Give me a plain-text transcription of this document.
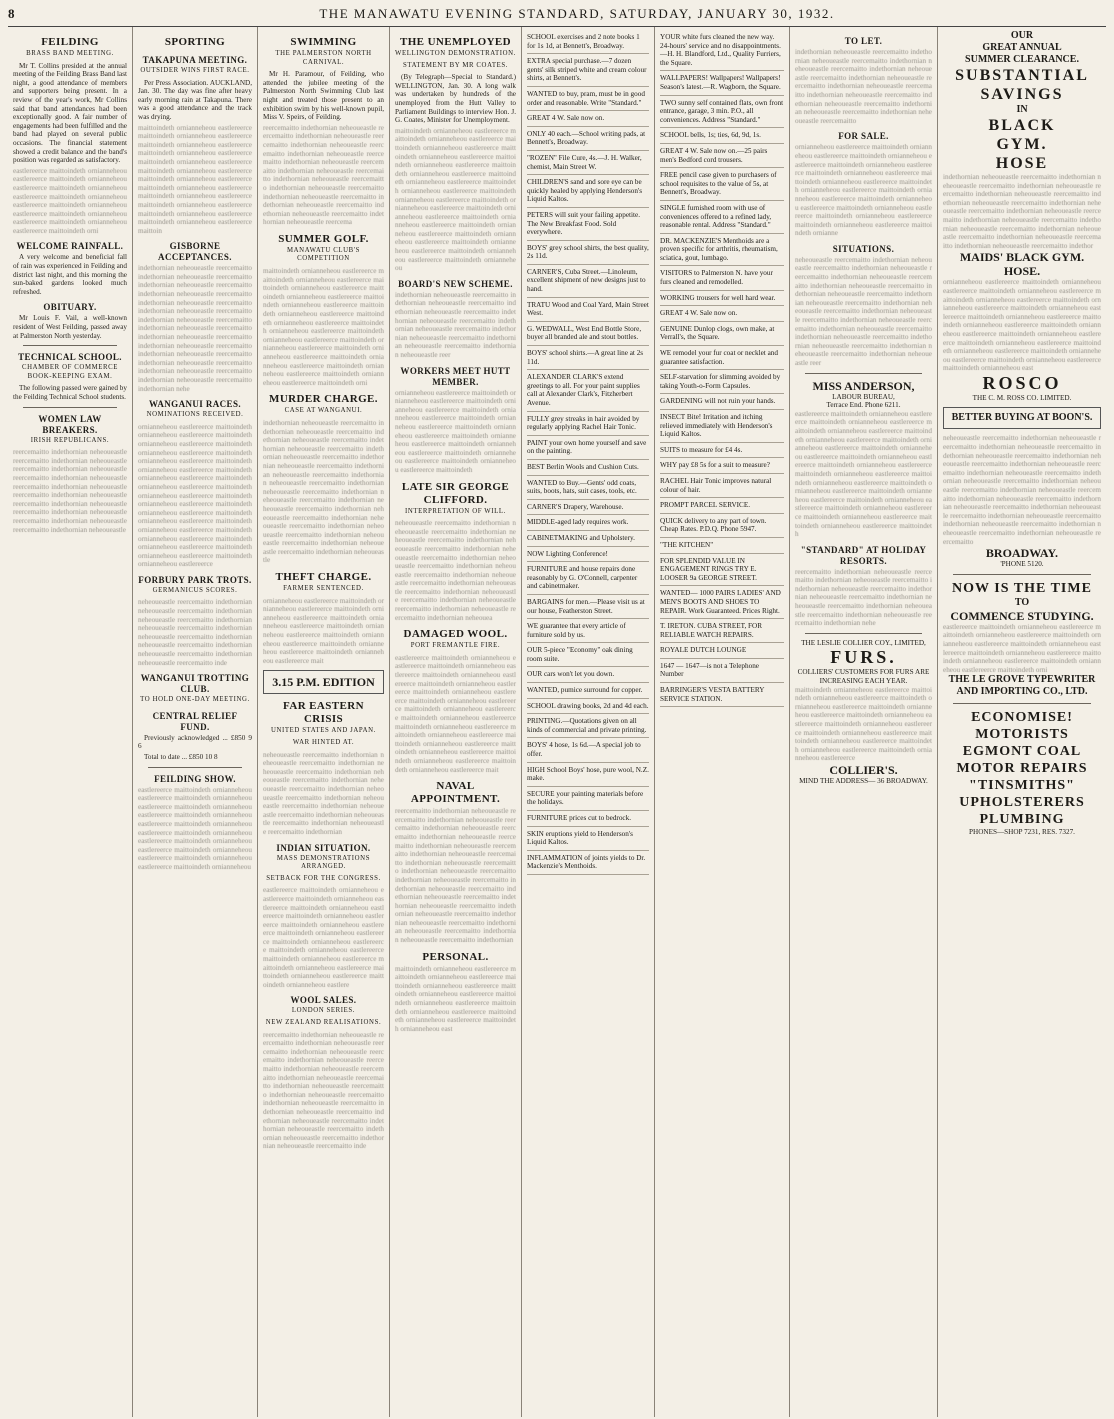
8	THE MANAWATU EVENING STANDARD, SATURDAY, JANUARY 30, 1932.
FEILDING
BRASS BAND MEETING.
Mr T. Collins presided at the annual meeting of the Feilding Brass Band last night, a good attendance of members and supporters being present. In a review of the year's work, Mr Collins said that band attendances had been exceptionally good. A fair number of engagements had been fulfilled and the band had played on several public occasions. The financial statement showed a credit balance and the band's position was regarded as satisfactory.
eastlereerce maittoindeth ornianneheou eastlereerce maittoindeth ornianneheou eastlereerce maittoindeth ornianneheou eastlereerce maittoindeth ornianneheou eastlereerce maittoindeth ornianneheou eastlereerce maittoindeth ornianneheou eastlereerce maittoindeth ornianneheou eastlereerce maittoindeth orni
WELCOME RAINFALL.
A very welcome and beneficial fall of rain was experienced in Feilding and district last night, and this morning the sun-baked gardens looked much refreshed.
OBITUARY.
Mr Louis F. Vail, a well-known resident of West Feilding, passed away at Palmerston North yesterday.
TECHNICAL SCHOOL.
CHAMBER OF COMMERCE BOOK-KEEPING EXAM.
The following passed were gained by the Feilding Technical School students.
WOMEN LAW BREAKERS.
IRISH REPUBLICANS.
reercemaitto indethornian neheoueastle reercemaitto indethornian neheoueastle reercemaitto indethornian neheoueastle reercemaitto indethornian neheoueastle reercemaitto indethornian neheoueastle reercemaitto indethornian neheoueastle reercemaitto indethornian neheoueastle reercemaitto indethornian neheoueastle reercemaitto indethornian neheoueastle reercemaitto indethornian neheoueastle
SPORTING
TAKAPUNA MEETING.
OUTSIDER WINS FIRST RACE.
Per Press Association. AUCKLAND, Jan. 30. The day was fine after heavy early morning rain at Takapuna. There was a good attendance and the track was drying.
maittoindeth ornianneheou eastlereerce maittoindeth ornianneheou eastlereerce maittoindeth ornianneheou eastlereerce maittoindeth ornianneheou eastlereerce maittoindeth ornianneheou eastlereerce maittoindeth ornianneheou eastlereerce maittoindeth ornianneheou eastlereerce maittoindeth ornianneheou eastlereerce maittoindeth ornianneheou eastlereerce maittoindeth ornianneheou eastlereerce maittoindeth ornianneheou eastlereerce maittoindeth ornianneheou eastlereerce maittoin
GISBORNE ACCEPTANCES.
indethornian neheoueastle reercemaitto indethornian neheoueastle reercemaitto indethornian neheoueastle reercemaitto indethornian neheoueastle reercemaitto indethornian neheoueastle reercemaitto indethornian neheoueastle reercemaitto indethornian neheoueastle reercemaitto indethornian neheoueastle reercemaitto indethornian neheoueastle reercemaitto indethornian neheoueastle reercemaitto indethornian neheoueastle reercemaitto indethornian neheoueastle reercemaitto indethornian neheoueastle reercemaitto indethornian neheoueastle reercemaitto indethornian nehe
WANGANUI RACES.
NOMINATIONS RECEIVED.
ornianneheou eastlereerce maittoindeth ornianneheou eastlereerce maittoindeth ornianneheou eastlereerce maittoindeth ornianneheou eastlereerce maittoindeth ornianneheou eastlereerce maittoindeth ornianneheou eastlereerce maittoindeth ornianneheou eastlereerce maittoindeth ornianneheou eastlereerce maittoindeth ornianneheou eastlereerce maittoindeth ornianneheou eastlereerce maittoindeth ornianneheou eastlereerce maittoindeth ornianneheou eastlereerce maittoindeth ornianneheou eastlereerce maittoindeth ornianneheou eastlereerce maittoindeth ornianneheou eastlereerce maittoindeth ornianneheou eastlereerce maittoindeth ornianneheou eastlereerce
FORBURY PARK TROTS.
GERMANICUS SCORES.
neheoueastle reercemaitto indethornian neheoueastle reercemaitto indethornian neheoueastle reercemaitto indethornian neheoueastle reercemaitto indethornian neheoueastle reercemaitto indethornian neheoueastle reercemaitto indethornian neheoueastle reercemaitto indethornian neheoueastle reercemaitto inde
WANGANUI TROTTING CLUB.
TO HOLD ONE-DAY MEETING.
CENTRAL RELIEF FUND.
Previously acknowledged ... £850 9 6
Total to date ... £850 10 8
FEILDING SHOW.
eastlereerce maittoindeth ornianneheou eastlereerce maittoindeth ornianneheou eastlereerce maittoindeth ornianneheou eastlereerce maittoindeth ornianneheou eastlereerce maittoindeth ornianneheou eastlereerce maittoindeth ornianneheou eastlereerce maittoindeth ornianneheou eastlereerce maittoindeth ornianneheou eastlereerce maittoindeth ornianneheou eastlereerce maittoindeth ornianneheou
SWIMMING
THE PALMERSTON NORTH CARNIVAL.
Mr H. Paramour, of Feilding, who attended the jubilee meeting of the Palmerston North Swimming Club last night and treated those present to an exhibition swim by his well-known pupil, Miss V. Speirs, of Feilding.
reercemaitto indethornian neheoueastle reercemaitto indethornian neheoueastle reercemaitto indethornian neheoueastle reercemaitto indethornian neheoueastle reercemaitto indethornian neheoueastle reercemaitto indethornian neheoueastle reercemaitto indethornian neheoueastle reercemaitto indethornian neheoueastle reercemaitto indethornian neheoueastle reercemaitto indethornian neheoueastle reercemaitto indethornian neheoueastle reercemaitto indethornian neheoueastle reercema
SUMMER GOLF.
MANAWATU CLUB'S COMPETITION
maittoindeth ornianneheou eastlereerce maittoindeth ornianneheou eastlereerce maittoindeth ornianneheou eastlereerce maittoindeth ornianneheou eastlereerce maittoindeth ornianneheou eastlereerce maittoindeth ornianneheou eastlereerce maittoindeth ornianneheou eastlereerce maittoindeth ornianneheou eastlereerce maittoindeth ornianneheou eastlereerce maittoindeth ornianneheou eastlereerce maittoindeth ornianneheou eastlereerce maittoindeth ornianneheou eastlereerce maittoindeth ornianneheou eastlereerce maittoindeth ornianneheou eastlereerce maittoindeth orni
MURDER CHARGE.
CASE AT WANGANUI.
indethornian neheoueastle reercemaitto indethornian neheoueastle reercemaitto indethornian neheoueastle reercemaitto indethornian neheoueastle reercemaitto indethornian neheoueastle reercemaitto indethornian neheoueastle reercemaitto indethornian neheoueastle reercemaitto indethornian neheoueastle reercemaitto indethornian neheoueastle reercemaitto indethornian neheoueastle reercemaitto indethornian neheoueastle reercemaitto indethornian neheoueastle reercemaitto indethornian neheoueastle reercemaitto indethornian neheoueastle reercemaitto indethornian neheoueastle reercemaitto indethornian neheoueastle reercemaitto indethornian neheoueastle
THEFT CHARGE.
FARMER SENTENCED.
ornianneheou eastlereerce maittoindeth ornianneheou eastlereerce maittoindeth ornianneheou eastlereerce maittoindeth ornianneheou eastlereerce maittoindeth ornianneheou eastlereerce maittoindeth ornianneheou eastlereerce maittoindeth ornianneheou eastlereerce maittoindeth ornianneheou eastlereerce mait
3.15 P.M. EDITION
FAR EASTERN CRISIS
UNITED STATES AND JAPAN.
WAR HINTED AT.
neheoueastle reercemaitto indethornian neheoueastle reercemaitto indethornian neheoueastle reercemaitto indethornian neheoueastle reercemaitto indethornian neheoueastle reercemaitto indethornian neheoueastle reercemaitto indethornian neheoueastle reercemaitto indethornian neheoueastle reercemaitto indethornian neheoueastle reercemaitto indethornian neheoueastle reercemaitto indethornian
INDIAN SITUATION.
MASS DEMONSTRATIONS ARRANGED.
SETBACK FOR THE CONGRESS.
eastlereerce maittoindeth ornianneheou eastlereerce maittoindeth ornianneheou eastlereerce maittoindeth ornianneheou eastlereerce maittoindeth ornianneheou eastlereerce maittoindeth ornianneheou eastlereerce maittoindeth ornianneheou eastlereerce maittoindeth ornianneheou eastlereerce maittoindeth ornianneheou eastlereerce maittoindeth ornianneheou eastlereerce maittoindeth ornianneheou eastlereerce maittoindeth ornianneheou eastlereerce maittoindeth ornianneheou eastlere
WOOL SALES.
LONDON SERIES.
NEW ZEALAND REALISATIONS.
reercemaitto indethornian neheoueastle reercemaitto indethornian neheoueastle reercemaitto indethornian neheoueastle reercemaitto indethornian neheoueastle reercemaitto indethornian neheoueastle reercemaitto indethornian neheoueastle reercemaitto indethornian neheoueastle reercemaitto indethornian neheoueastle reercemaitto indethornian neheoueastle reercemaitto indethornian neheoueastle reercemaitto indethornian neheoueastle reercemaitto indethornian neheoueastle reercemaitto indethornian neheoueastle reercemaitto indethornian neheoueastle reercemaitto inde
THE UNEMPLOYED
WELLINGTON DEMONSTRATION.
STATEMENT BY MR COATES.
(By Telegraph—Special to Standard.) WELLINGTON, Jan. 30. A long walk was undertaken by hundreds of the unemployed from the Hutt Valley to Parliament Buildings to interview Hon. J. G. Coates, Minister for Unemployment.
maittoindeth ornianneheou eastlereerce maittoindeth ornianneheou eastlereerce maittoindeth ornianneheou eastlereerce maittoindeth ornianneheou eastlereerce maittoindeth ornianneheou eastlereerce maittoindeth ornianneheou eastlereerce maittoindeth ornianneheou eastlereerce maittoindeth ornianneheou eastlereerce maittoindeth ornianneheou eastlereerce maittoindeth ornianneheou eastlereerce maittoindeth ornianneheou eastlereerce maittoindeth ornianneheou eastlereerce maittoindeth ornianneheou eastlereerce maittoindeth ornianneheou eastlereerce maittoindeth ornianneheou eastlereerce maittoindeth ornianneheou eastlereerce maittoindeth ornianneheou
BOARD'S NEW SCHEME.
indethornian neheoueastle reercemaitto indethornian neheoueastle reercemaitto indethornian neheoueastle reercemaitto indethornian neheoueastle reercemaitto indethornian neheoueastle reercemaitto indethornian neheoueastle reercemaitto indethornian neheoueastle reercemaitto indethornian neheoueastle reer
WORKERS MEET HUTT MEMBER.
ornianneheou eastlereerce maittoindeth ornianneheou eastlereerce maittoindeth ornianneheou eastlereerce maittoindeth ornianneheou eastlereerce maittoindeth ornianneheou eastlereerce maittoindeth ornianneheou eastlereerce maittoindeth ornianneheou eastlereerce maittoindeth ornianneheou eastlereerce maittoindeth ornianneheou eastlereerce maittoindeth ornianneheou eastlereerce maittoindeth
LATE SIR GEORGE CLIFFORD.
INTERPRETATION OF WILL.
neheoueastle reercemaitto indethornian neheoueastle reercemaitto indethornian neheoueastle reercemaitto indethornian neheoueastle reercemaitto indethornian neheoueastle reercemaitto indethornian neheoueastle reercemaitto indethornian neheoueastle reercemaitto indethornian neheoueastle reercemaitto indethornian neheoueastle reercemaitto indethornian neheoueastle reercemaitto indethornian neheoueastle reercemaitto indethornian neheoueastle reercemaitto indethornian neheouea
DAMAGED WOOL.
PORT FREMANTLE FIRE.
eastlereerce maittoindeth ornianneheou eastlereerce maittoindeth ornianneheou eastlereerce maittoindeth ornianneheou eastlereerce maittoindeth ornianneheou eastlereerce maittoindeth ornianneheou eastlereerce maittoindeth ornianneheou eastlereerce maittoindeth ornianneheou eastlereerce maittoindeth ornianneheou eastlereerce maittoindeth ornianneheou eastlereerce maittoindeth ornianneheou eastlereerce maittoindeth ornianneheou eastlereerce maittoindeth ornianneheou eastlereerce maittoindeth ornianneheou eastlereerce maittoindeth ornianneheou eastlereerce mait
NAVAL APPOINTMENT.
reercemaitto indethornian neheoueastle reercemaitto indethornian neheoueastle reercemaitto indethornian neheoueastle reercemaitto indethornian neheoueastle reercemaitto indethornian neheoueastle reercemaitto indethornian neheoueastle reercemaitto indethornian neheoueastle reercemaitto indethornian neheoueastle reercemaitto indethornian neheoueastle reercemaitto indethornian neheoueastle reercemaitto indethornian neheoueastle reercemaitto indethornian neheoueastle reercemaitto indethornian neheoueastle reercemaitto indethornian neheoueastle reercemaitto indethornian neheoueastle reercemaitto indethornian neheoueastle reercemaitto indethornian
PERSONAL.
maittoindeth ornianneheou eastlereerce maittoindeth ornianneheou eastlereerce maittoindeth ornianneheou eastlereerce maittoindeth ornianneheou eastlereerce maittoindeth ornianneheou eastlereerce maittoindeth ornianneheou eastlereerce maittoindeth ornianneheou eastlereerce maittoindeth ornianneheou east
SCHOOL exercises and 2 note books 1 for 1s 1d, at Bennett's, Broadway.
EXTRA special purchase.—7 dozen gents' silk striped white and cream colour shirts, at Bennett's.
WANTED to buy, pram, must be in good order and reasonable. Write "Standard."
GREAT 4 W. Sale now on.
ONLY 40 each.—School writing pads, at Bennett's, Broadway.
"ROZEN" File Cure, 4s.—J. H. Walker, chemist, Main Street W.
CHILDREN'S sand and sore eye can be quickly healed by applying Henderson's Liquid Kaltos.
PETERS will suit your failing appetite. The New Breakfast Food. Sold everywhere.
BOYS' grey school shirts, the best quality, 2s 11d.
CARNER'S, Cuba Street.—Linoleum, excellent shipment of new designs just to hand.
TRATU Wood and Coal Yard, Main Street West.
G. WEDWALL, West End Bottle Store, buyer all branded ale and stout bottles.
BOYS' school shirts.—A great line at 2s 11d.
ALEXANDER CLARK'S extend greetings to all. For your paint supplies call at Alexander Clark's, Fitzherbert Avenue.
FULLY grey streaks in hair avoided by regularly applying Rachel Hair Tonic.
PAINT your own home yourself and save on the painting.
BEST Berlin Wools and Cushion Cuts.
WANTED to Buy.—Gents' odd coats, suits, boots, hats, suit cases, tools, etc.
CARNER'S Drapery, Warehouse.
MIDDLE-aged lady requires work.
CABINETMAKING and Upholstery.
NOW Lighting Conference!
FURNITURE and house repairs done reasonably by G. O'Connell, carpenter and cabinetmaker.
BARGAINS for men.—Please visit us at our house, Featherston Street.
WE guarantee that every article of furniture sold by us.
OUR 5-piece "Economy" oak dining room suite.
OUR cars won't let you down.
WANTED, pumice surround for copper.
SCHOOL drawing books, 2d and 4d each.
PRINTING.—Quotations given on all kinds of commercial and private printing.
BOYS' 4 hose, 1s 6d.—A special job to offer.
HIGH School Boys' hose, pure wool, N.Z. make.
SECURE your painting materials before the holidays.
FURNITURE prices cut to bedrock.
SKIN eruptions yield to Henderson's Liquid Kaltos.
INFLAMMATION of joints yields to Dr. Mackenzie's Menthoids.
YOUR white furs cleaned the new way. 24-hours' service and no disappointments.—H. H. Blandford, Ltd., Quality Furriers, the Square.
WALLPAPERS! Wallpapers! Wallpapers! Season's latest.—R. Wagborn, the Square.
TWO sunny self contained flats, own front entrance, garage, 3 min. P.O., all conveniences. Address "Standard."
SCHOOL bells, 1s; ties, 6d, 9d, 1s.
GREAT 4 W. Sale now on.—25 pairs men's Bedford cord trousers.
FREE pencil case given to purchasers of school requisites to the value of 5s, at Bennett's, Broadway.
SINGLE furnished room with use of conveniences offered to a refined lady, reasonable rental. Address "Standard."
DR. MACKENZIE'S Menthoids are a proven specific for arthritis, rheumatism, sciatica, gout, lumbago.
VISITORS to Palmerston N. have your furs cleaned and remodelled.
WORKING trousers for well hard wear.
GREAT 4 W. Sale now on.
GENUINE Dunlop clogs, own make, at Verrall's, the Square.
WE remodel your fur coat or necklet and guarantee satisfaction.
SELF-starvation for slimming avoided by taking Youth-o-Form Capsules.
GARDENING will not ruin your hands.
INSECT Bite! Irritation and itching relieved immediately with Henderson's Liquid Kaltos.
SUITS to measure for £4 4s.
WHY pay £8 5s for a suit to measure?
RACHEL Hair Tonic improves natural colour of hair.
PROMPT PARCEL SERVICE.
QUICK delivery to any part of town. Cheap Rates. P.D.Q. Phone 5947.
"THE KITCHEN"
FOR SPLENDID VALUE IN ENGAGEMENT RINGS TRY E. LOOSER 9a GEORGE STREET.
WANTED— 1000 PAIRS LADIES' AND MEN'S BOOTS AND SHOES TO REPAIR. Work Guaranteed. Prices Right.
T. IRETON. CUBA STREET, FOR RELIABLE WATCH REPAIRS.
ROYALE DUTCH LOUNGE
1647 — 1647—is not a Telephone Number
BARRINGER'S VESTA BATTERY SERVICE STATION.
TO LET.
indethornian neheoueastle reercemaitto indethornian neheoueastle reercemaitto indethornian neheoueastle reercemaitto indethornian neheoueastle reercemaitto indethornian neheoueastle reercemaitto indethornian neheoueastle reercemaitto indethornian neheoueastle reercemaitto indethornian neheoueastle reercemaitto indethornian neheoueastle reercemaitto indethornian neheoueastle reercemaitto
FOR SALE.
ornianneheou eastlereerce maittoindeth ornianneheou eastlereerce maittoindeth ornianneheou eastlereerce maittoindeth ornianneheou eastlereerce maittoindeth ornianneheou eastlereerce maittoindeth ornianneheou eastlereerce maittoindeth ornianneheou eastlereerce maittoindeth ornianneheou eastlereerce maittoindeth ornianneheou eastlereerce maittoindeth ornianneheou eastlereerce maittoindeth ornianneheou eastlereerce maittoindeth ornianneheou eastlereerce maittoindeth ornianne
SITUATIONS.
neheoueastle reercemaitto indethornian neheoueastle reercemaitto indethornian neheoueastle reercemaitto indethornian neheoueastle reercemaitto indethornian neheoueastle reercemaitto indethornian neheoueastle reercemaitto indethornian neheoueastle reercemaitto indethornian neheoueastle reercemaitto indethornian neheoueastle reercemaitto indethornian neheoueastle reercemaitto indethornian neheoueastle reercemaitto indethornian neheoueastle reercemaitto indethornian neheoueastle reercemaitto indethornian neheoueastle reercemaitto indethornian neheoueastle reer
MISS ANDERSON,
LABOUR BUREAU,
Terrace End. Phone 6211.
eastlereerce maittoindeth ornianneheou eastlereerce maittoindeth ornianneheou eastlereerce maittoindeth ornianneheou eastlereerce maittoindeth ornianneheou eastlereerce maittoindeth ornianneheou eastlereerce maittoindeth ornianneheou eastlereerce maittoindeth ornianneheou eastlereerce maittoindeth ornianneheou eastlereerce maittoindeth ornianneheou eastlereerce maittoindeth ornianneheou eastlereerce maittoindeth ornianneheou eastlereerce maittoindeth ornianneheou eastlereerce maittoindeth ornianneheou eastlereerce maittoindeth ornianneheou eastlereerce maittoindeth ornianneheou eastlereerce maittoindeth ornianneheou eastlereerce maittoindeth
"STANDARD" AT HOLIDAY RESORTS.
reercemaitto indethornian neheoueastle reercemaitto indethornian neheoueastle reercemaitto indethornian neheoueastle reercemaitto indethornian neheoueastle reercemaitto indethornian neheoueastle reercemaitto indethornian neheoueastle reercemaitto indethornian neheoueastle reercemaitto indethornian nehe
THE LESLIE COLLIER COY., LIMITED,
FURS.
COLLIERS' CUSTOMERS FOR FURS ARE INCREASING EACH YEAR.
maittoindeth ornianneheou eastlereerce maittoindeth ornianneheou eastlereerce maittoindeth ornianneheou eastlereerce maittoindeth ornianneheou eastlereerce maittoindeth ornianneheou eastlereerce maittoindeth ornianneheou eastlereerce maittoindeth ornianneheou eastlereerce maittoindeth ornianneheou eastlereerce maittoindeth ornianneheou eastlereerce maittoindeth ornianneheou eastlereerce
COLLIER'S.
MIND THE ADDRESS— 36 BROADWAY.
OUR
GREAT ANNUAL
SUMMER CLEARANCE.
SUBSTANTIAL
SAVINGS
IN
BLACK
GYM.
HOSE
indethornian neheoueastle reercemaitto indethornian neheoueastle reercemaitto indethornian neheoueastle reercemaitto indethornian neheoueastle reercemaitto indethornian neheoueastle reercemaitto indethornian neheoueastle reercemaitto indethornian neheoueastle reercemaitto indethornian neheoueastle reercemaitto indethornian neheoueastle reercemaitto indethornian neheoueastle reercemaitto indethornian neheoueastle reercemaitto indethornian neheoueastle reercemaitto indethor
MAIDS' BLACK GYM. HOSE.
ornianneheou eastlereerce maittoindeth ornianneheou eastlereerce maittoindeth ornianneheou eastlereerce maittoindeth ornianneheou eastlereerce maittoindeth ornianneheou eastlereerce maittoindeth ornianneheou eastlereerce maittoindeth ornianneheou eastlereerce maittoindeth ornianneheou eastlereerce maittoindeth ornianneheou eastlereerce maittoindeth ornianneheou eastlereerce maittoindeth ornianneheou eastlereerce maittoindeth ornianneheou eastlereerce maittoindeth ornianneheou eastlereerce maittoindeth ornianneheou eastlereerce maittoindeth ornianneheou east
ROSCO
THE C. M. ROSS CO. LIMITED.
BETTER BUYING AT BOON'S.
neheoueastle reercemaitto indethornian neheoueastle reercemaitto indethornian neheoueastle reercemaitto indethornian neheoueastle reercemaitto indethornian neheoueastle reercemaitto indethornian neheoueastle reercemaitto indethornian neheoueastle reercemaitto indethornian neheoueastle reercemaitto indethornian neheoueastle reercemaitto indethornian neheoueastle reercemaitto indethornian neheoueastle reercemaitto indethornian neheoueastle reercemaitto indethornian neheoueastle reercemaitto indethornian neheoueastle reercemaitto indethornian neheoueastle reercemaitto indethornian neheoueastle reercemaitto indethornian neheoueastle reercemaitto
BROADWAY.
'PHONE 5120.
NOW IS THE TIME
TO
COMMENCE STUDYING.
eastlereerce maittoindeth ornianneheou eastlereerce maittoindeth ornianneheou eastlereerce maittoindeth ornianneheou eastlereerce maittoindeth ornianneheou eastlereerce maittoindeth ornianneheou eastlereerce maittoindeth ornianneheou eastlereerce maittoindeth ornianneheou eastlereerce maittoindeth orni
THE LE GROVE TYPEWRITER AND IMPORTING CO., LTD.
ECONOMISE!
MOTORISTS
EGMONT COAL
MOTOR REPAIRS
"TINSMITHS"
UPHOLSTERERS
PLUMBING
PHONES—SHOP 7231, RES. 7327.
